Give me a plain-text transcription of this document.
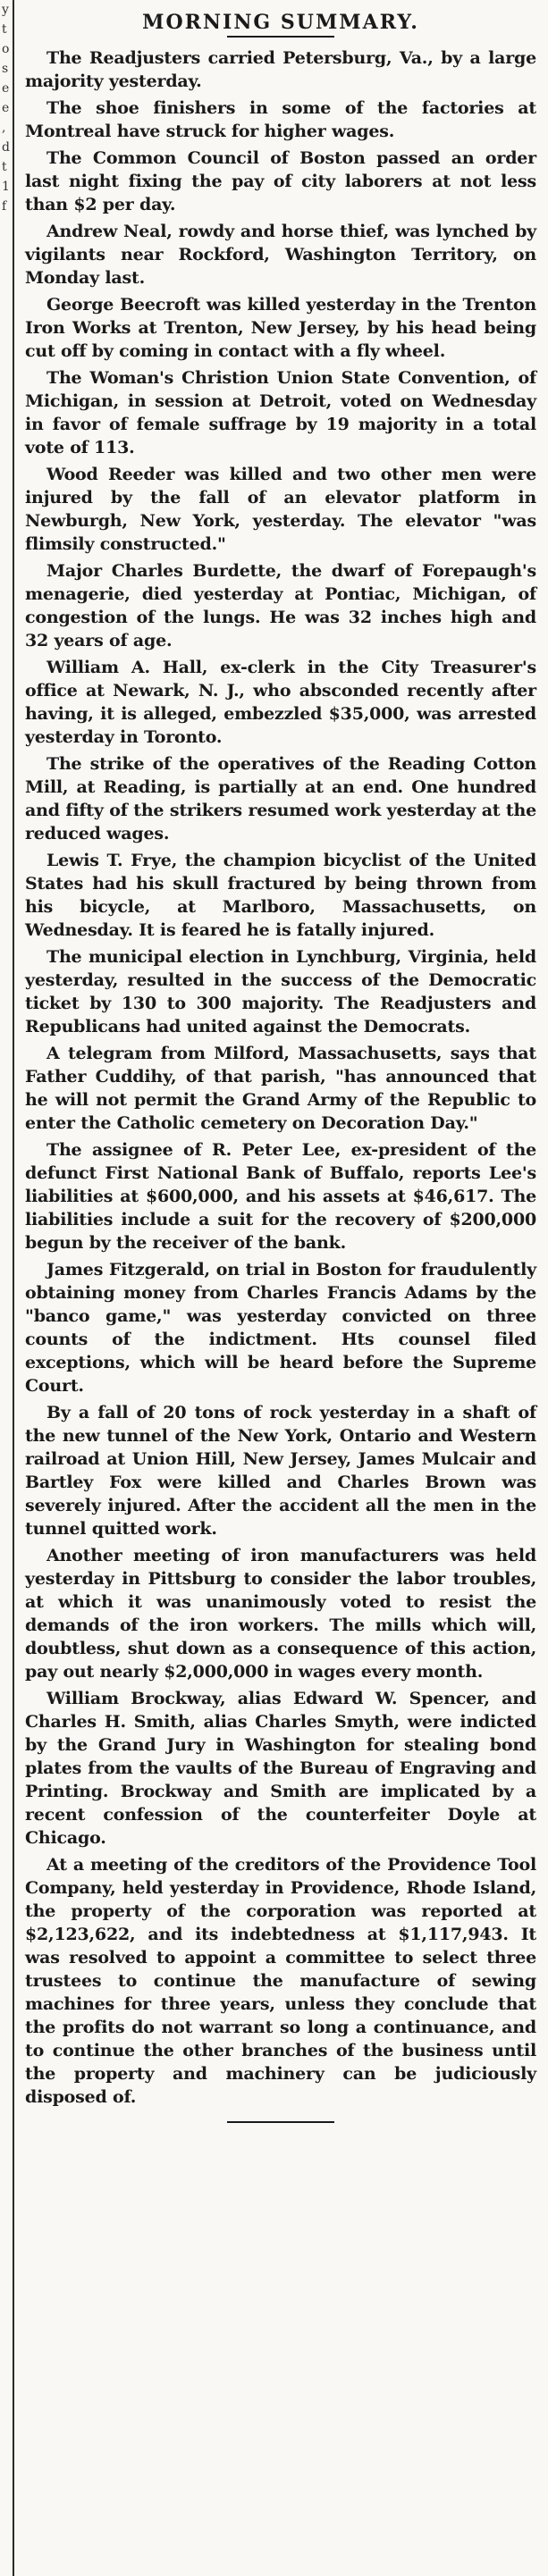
y
t
o
s
e
e
,
d
t
1
f
MORNING SUMMARY.

The Readjusters carried Petersburg, Va., by a large majority yesterday.

The shoe finishers in some of the factories at Montreal have struck for higher wages.

The Common Council of Boston passed an order last night fixing the pay of city laborers at not less than $2 per day.

Andrew Neal, rowdy and horse thief, was lynched by vigilants near Rockford, Washington Territory, on Monday last.

George Beecroft was killed yesterday in the Trenton Iron Works at Trenton, New Jersey, by his head being cut off by coming in contact with a fly wheel.

The Woman's Christion Union State Convention, of Michigan, in session at Detroit, voted on Wednesday in favor of female suffrage by 19 majority in a total vote of 113.

Wood Reeder was killed and two other men were injured by the fall of an elevator platform in Newburgh, New York, yesterday. The elevator "was flimsily constructed."

Major Charles Burdette, the dwarf of Forepaugh's menagerie, died yesterday at Pontiac, Michigan, of congestion of the lungs. He was 32 inches high and 32 years of age.

William A. Hall, ex-clerk in the City Treasurer's office at Newark, N. J., who absconded recently after having, it is alleged, embezzled $35,000, was arrested yesterday in Toronto.

The strike of the operatives of the Reading Cotton Mill, at Reading, is partially at an end. One hundred and fifty of the strikers resumed work yesterday at the reduced wages.

Lewis T. Frye, the champion bicyclist of the United States had his skull fractured by being thrown from his bicycle, at Marlboro, Massachusetts, on Wednesday. It is feared he is fatally injured.

The municipal election in Lynchburg, Virginia, held yesterday, resulted in the success of the Democratic ticket by 130 to 300 majority. The Readjusters and Republicans had united against the Democrats.

A telegram from Milford, Massachusetts, says that Father Cuddihy, of that parish, "has announced that he will not permit the Grand Army of the Republic to enter the Catholic cemetery on Decoration Day."

The assignee of R. Peter Lee, ex-president of the defunct First National Bank of Buffalo, reports Lee's liabilities at $600,000, and his assets at $46,617. The liabilities include a suit for the recovery of $200,000 begun by the receiver of the bank.

James Fitzgerald, on trial in Boston for fraudulently obtaining money from Charles Francis Adams by the "banco game," was yesterday convicted on three counts of the indictment. Hts counsel filed exceptions, which will be heard before the Supreme Court.

By a fall of 20 tons of rock yesterday in a shaft of the new tunnel of the New York, Ontario and Western railroad at Union Hill, New Jersey, James Mulcair and Bartley Fox were killed and Charles Brown was severely injured. After the accident all the men in the tunnel quitted work.

Another meeting of iron manufacturers was held yesterday in Pittsburg to consider the labor troubles, at which it was unanimously voted to resist the demands of the iron workers. The mills which will, doubtless, shut down as a consequence of this action, pay out nearly $2,000,000 in wages every month.

William Brockway, alias Edward W. Spencer, and Charles H. Smith, alias Charles Smyth, were indicted by the Grand Jury in Washington for stealing bond plates from the vaults of the Bureau of Engraving and Printing. Brockway and Smith are implicated by a recent confession of the counterfeiter Doyle at Chicago.

At a meeting of the creditors of the Providence Tool Company, held yesterday in Providence, Rhode Island, the property of the corporation was reported at $2,123,622, and its indebtedness at $1,117,943. It was resolved to appoint a committee to select three trustees to continue the manufacture of sewing machines for three years, unless they conclude that the profits do not warrant so long a continuance, and to continue the other branches of the business until the property and machinery can be judiciously disposed of.
